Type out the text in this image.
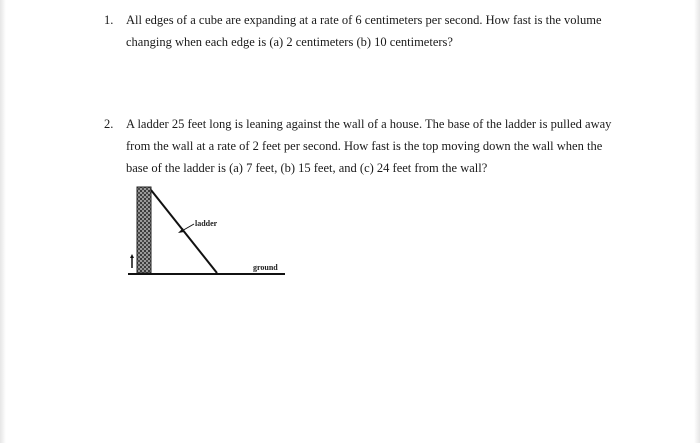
1. All edges of a cube are expanding at a rate of 6 centimeters per second. How fast is the volume changing when each edge is (a) 2 centimeters (b) 10 centimeters?
2. A ladder 25 feet long is leaning against the wall of a house. The base of the ladder is pulled away from the wall at a rate of 2 feet per second. How fast is the top moving down the wall when the base of the ladder is (a) 7 feet, (b) 15 feet, and (c) 24 feet from the wall?
ladder
ground
